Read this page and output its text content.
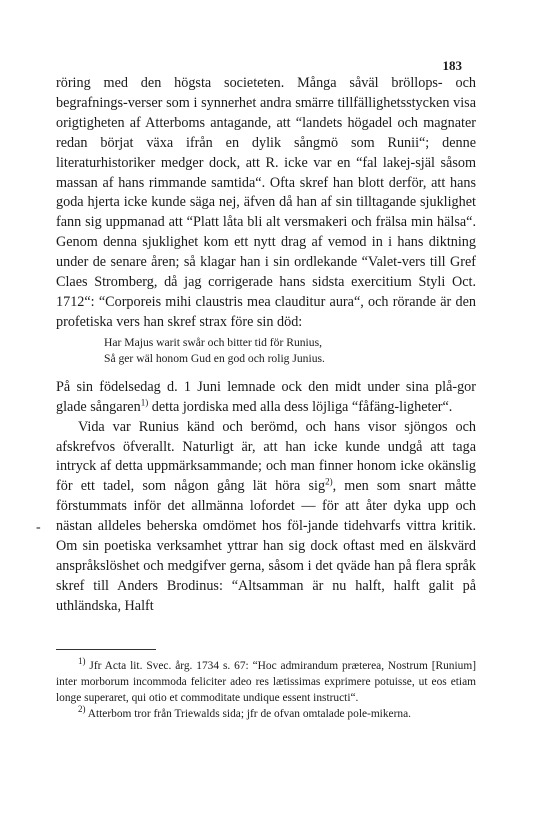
183
-

röring med den högsta societeten. Många såväl bröllops- och begrafnings-verser som i synnerhet andra smärre tillfällighetsstycken visa origtigheten af Atterboms antagande, att “landets högadel och magnater redan börjat växa ifrån en dylik sångmö som Runii“; denne literaturhistoriker medger dock, att R. icke var en “fal lakej-själ såsom massan af hans rimmande samtida“. Ofta skref han blott derför, att hans goda hjerta icke kunde säga nej, äfven då han af sin tilltagande sjuklighet fann sig uppmanad att “Platt låta bli alt versmakeri och frälsa min hälsa“. Genom denna sjuklighet kom ett nytt drag af vemod in i hans diktning under de senare åren; så klagar han i sin ordlekande “Valet-vers till Gref Claes Stromberg, då jag corrigerade hans sidsta exercitium Styli Oct. 1712“: “Corporeis mihi claustris mea clauditur aura“, och rörande är den profetiska vers han skref strax före sin död:

Har Majus warit swår och bitter tid för Runius,
Så ger wäl honom Gud en god och rolig Junius.

På sin födelsedag d. 1 Juni lemnade ock den midt under sina plå-gor glade sångaren$^{1)}$ detta jordiska med alla dess löjliga “fåfäng-ligheter“.

Vida var Runius känd och berömd, och hans visor sjöngos och afskrefvos öfverallt. Naturligt är, att han icke kunde undgå att taga intryck af detta uppmärksammande; och man finner honom icke okänslig för ett tadel, som någon gång lät höra sig$^{2)}$, men som snart måtte förstummats inför det allmänna lofordet — för att åter dyka upp och nästan alldeles beherska omdömet hos föl-jande tidehvarfs vittra kritik. Om sin poetiska verksamhet yttrar han sig dock oftast med en älskvärd anspråkslöshet och medgifver gerna, såsom i det qväde han på flera språk skref till Anders Brodinus: “Altsamman är nu halft, halft galit på uthländska, Halft

$^{1)}$ Jfr Acta lit. Svec. årg. 1734 s. 67: “Hoc admirandum præterea, Nostrum [Runium] inter morborum incommoda feliciter adeo res lætissimas exprimere potuisse, ut eos etiam longe superaret, qui otio et commoditate undique essent instructi“.

$^{2)}$ Atterbom tror från Triewalds sida; jfr de ofvan omtalade pole-mikerna.
